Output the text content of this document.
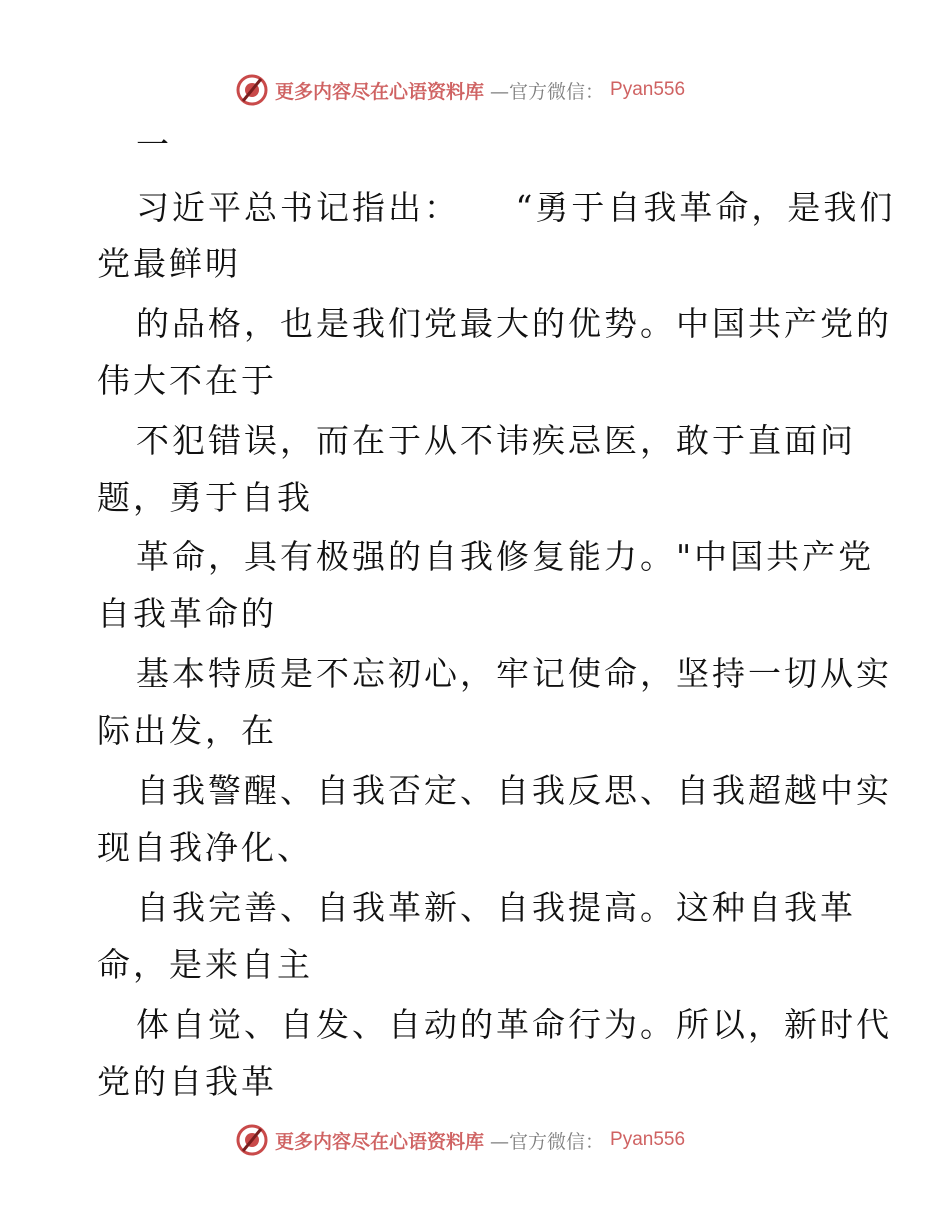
更多内容尽在心语资料库 —官方微信： Pyan556
一
习近平总书记指出：　　“勇于自我革命，是我们
党最鲜明
的品格，也是我们党最大的优势。中国共产党的
伟大不在于
不犯错误，而在于从不讳疾忌医，敢于直面问
题，勇于自我
革命，具有极强的自我修复能力。"中国共产党
自我革命的
基本特质是不忘初心，牢记使命，坚持一切从实
际出发，在
自我警醒、自我否定、自我反思、自我超越中实
现自我净化、
自我完善、自我革新、自我提高。这种自我革
命，是来自主
体自觉、自发、自动的革命行为。所以，新时代
党的自我革
更多内容尽在心语资料库 —官方微信： Pyan556
